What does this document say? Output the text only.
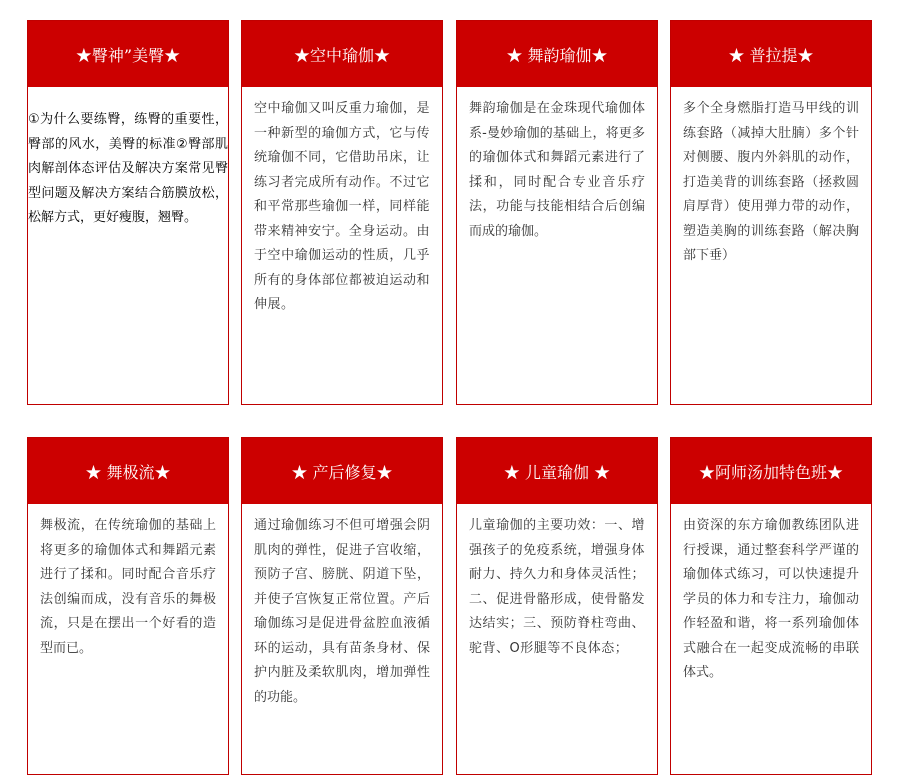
★臀神”美臀★
①为什么要练臀，练臀的重要性，臀部的风水，美臀的标准②臀部肌肉解剖体态评估及解决方案常见臀型问题及解决方案结合筋膜放松，松解方式，更好瘦腹，翘臀。
★空中瑜伽★
空中瑜伽又叫反重力瑜伽，是一种新型的瑜伽方式，它与传统瑜伽不同，它借助吊床，让练习者完成所有动作。不过它和平常那些瑜伽一样，同样能带来精神安宁。全身运动。由于空中瑜伽运动的性质，几乎所有的身体部位都被迫运动和伸展。
★ 舞韵瑜伽★
舞韵瑜伽是在金珠现代瑜伽体系-曼妙瑜伽的基础上，将更多的瑜伽体式和舞蹈元素进行了揉和，同时配合专业音乐疗法，功能与技能相结合后创编而成的瑜伽。
★ 普拉提★
多个全身燃脂打造马甲线的训练套路（减掉大肚腩）多个针对侧腰、腹内外斜肌的动作，打造美背的训练套路（拯救圆肩厚背）󠁥使用弹力带的动作，塑造美胸的训练套路（解决胸部下垂）󠁥
★ 舞极流★
舞极流，在传统瑜伽的基础上将更多的瑜伽体式和舞蹈元素进行了揉和。同时配合音乐疗法创编而成，没有音乐的舞极流，只是在摆出一个好看的造型而已。󠁥
★ 产后修复★
通过瑜伽练习不但可增强会阴肌肉的弹性，促进子宫收缩，预防子宫、膀胱、阴道下坠，并使子宫恢复正常位置。产后瑜伽练习是促进骨盆腔血液循环的运动，具有苗条身材、保护内脏及柔软肌肉，增加弹性的功能。
★ 儿童瑜伽 ★
儿童瑜伽的主要功效：一、增强孩子的免疫系统，增强身体耐力、持久力和身体灵活性；二、促进骨骼形成，使骨骼发达结实；三、预防脊柱弯曲、驼背、O形腿等不良体态；
★阿师汤加特色班★
由资深的东方瑜伽教练团队进行授课，通过整套科学严谨的瑜伽体式练习，可以快速提升学员的体力和专注力，瑜伽动作轻盈和谐，将一系列瑜伽体式融合在一起变成流畅的串联体式。
